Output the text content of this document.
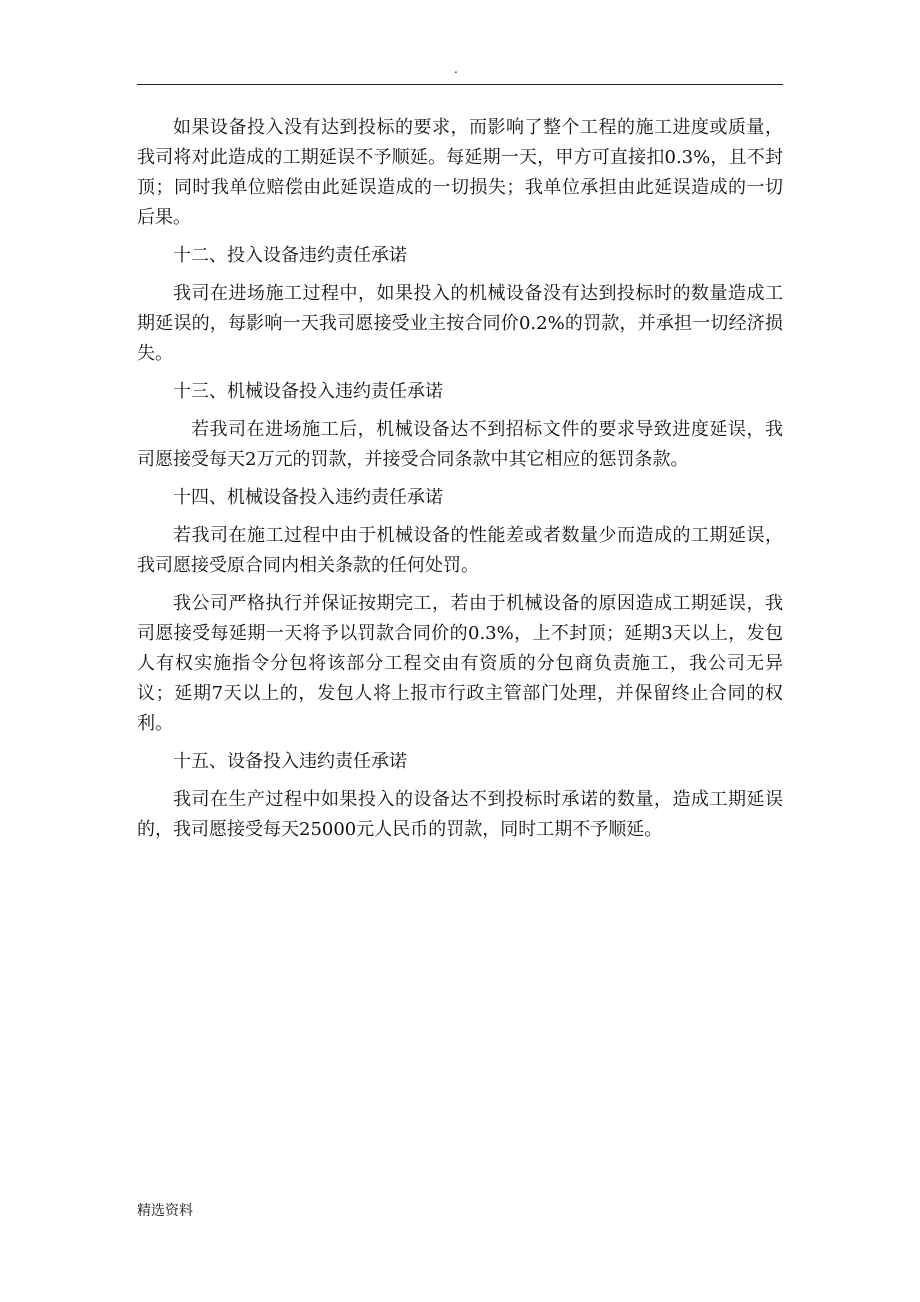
.

如果设备投入没有达到投标的要求，而影响了整个工程的施工进度或质量，我司将对此造成的工期延误不予顺延。每延期一天，甲方可直接扣0.3%，且不封顶；同时我单位赔偿由此延误造成的一切损失；我单位承担由此延误造成的一切后果。

十二、投入设备违约责任承诺

我司在进场施工过程中，如果投入的机械设备没有达到投标时的数量造成工期延误的，每影响一天我司愿接受业主按合同价0.2%的罚款，并承担一切经济损失。

十三、机械设备投入违约责任承诺

若我司在进场施工后，机械设备达不到招标文件的要求导致进度延误，我司愿接受每天2万元的罚款，并接受合同条款中其它相应的惩罚条款。

十四、机械设备投入违约责任承诺

若我司在施工过程中由于机械设备的性能差或者数量少而造成的工期延误，我司愿接受原合同内相关条款的任何处罚。

我公司严格执行并保证按期完工，若由于机械设备的原因造成工期延误，我司愿接受每延期一天将予以罚款合同价的0.3%，上不封顶；延期3天以上，发包人有权实施指令分包将该部分工程交由有资质的分包商负责施工，我公司无异议；延期7天以上的，发包人将上报市行政主管部门处理，并保留终止合同的权利。

十五、设备投入违约责任承诺

我司在生产过程中如果投入的设备达不到投标时承诺的数量，造成工期延误的，我司愿接受每天25000元人民币的罚款，同时工期不予顺延。

精选资料
